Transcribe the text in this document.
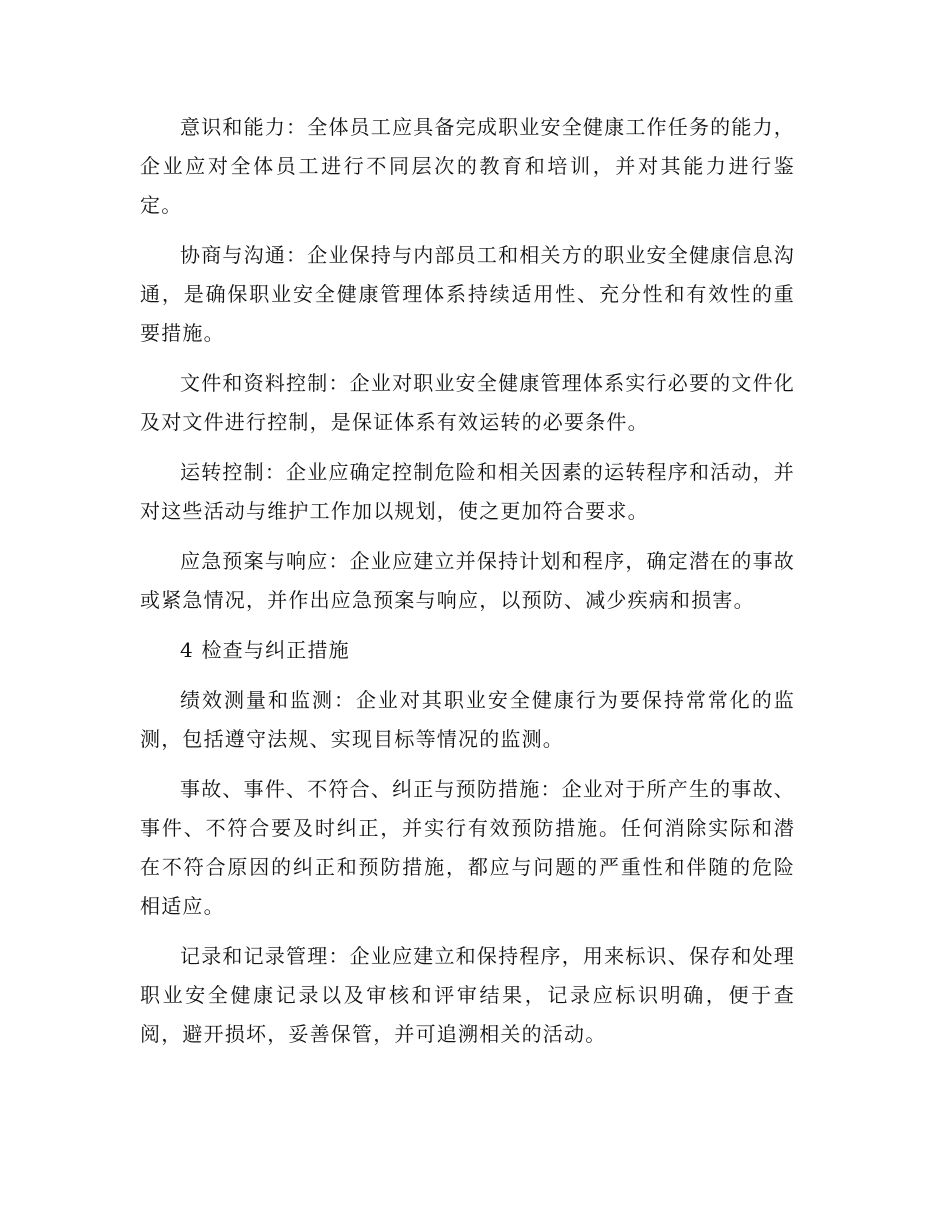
意识和能力：全体员工应具备完成职业安全健康工作任务的能力，企业应对全体员工进行不同层次的教育和培训，并对其能力进行鉴定。

协商与沟通：企业保持与内部员工和相关方的职业安全健康信息沟通，是确保职业安全健康管理体系持续适用性、充分性和有效性的重要措施。

文件和资料控制：企业对职业安全健康管理体系实行必要的文件化及对文件进行控制，是保证体系有效运转的必要条件。

运转控制：企业应确定控制危险和相关因素的运转程序和活动，并对这些活动与维护工作加以规划，使之更加符合要求。

应急预案与响应：企业应建立并保持计划和程序，确定潜在的事故或紧急情况，并作出应急预案与响应，以预防、减少疾病和损害。

4 检查与纠正措施

绩效测量和监测：企业对其职业安全健康行为要保持常常化的监测，包括遵守法规、实现目标等情况的监测。

事故、事件、不符合、纠正与预防措施：企业对于所产生的事故、事件、不符合要及时纠正，并实行有效预防措施。任何消除实际和潜在不符合原因的纠正和预防措施，都应与问题的严重性和伴随的危险相适应。

记录和记录管理：企业应建立和保持程序，用来标识、保存和处理职业安全健康记录以及审核和评审结果，记录应标识明确，便于查阅，避开损坏，妥善保管，并可追溯相关的活动。
